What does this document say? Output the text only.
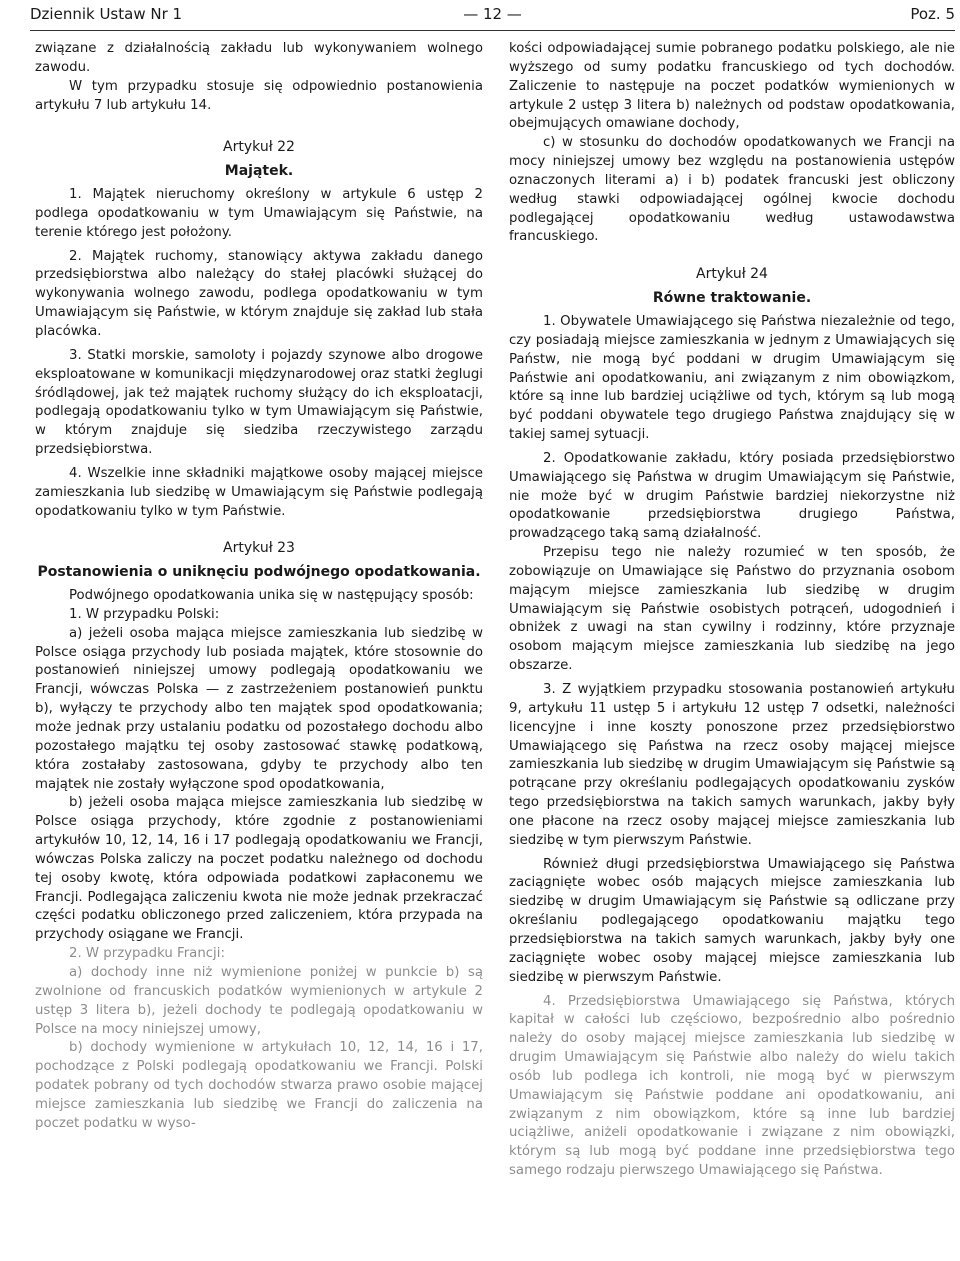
Dziennik Ustaw Nr 1	— 12 —	Poz. 5

związane z działalnością zakładu lub wykonywaniem wolnego zawodu.

W tym przypadku stosuje się odpowiednio postanowienia artykułu 7 lub artykułu 14.

Artykuł 22

Majątek.

1. Majątek nieruchomy określony w artykule 6 ustęp 2 podlega opodatkowaniu w tym Umawiającym się Państwie, na terenie którego jest położony.

2. Majątek ruchomy, stanowiący aktywa zakładu danego przedsiębiorstwa albo należący do stałej placówki służącej do wykonywania wolnego zawodu, podlega opodatkowaniu w tym Umawiającym się Państwie, w którym znajduje się zakład lub stała placówka.

3. Statki morskie, samoloty i pojazdy szynowe albo drogowe eksploatowane w komunikacji międzynarodowej oraz statki żeglugi śródlądowej, jak też majątek ruchomy służący do ich eksploatacji, podlegają opodatkowaniu tylko w tym Umawiającym się Państwie, w którym znajduje się siedziba rzeczywistego zarządu przedsiębiorstwa.

4. Wszelkie inne składniki majątkowe osoby mającej miejsce zamieszkania lub siedzibę w Umawiającym się Państwie podlegają opodatkowaniu tylko w tym Państwie.

Artykuł 23

Postanowienia o uniknęciu podwójnego opodatkowania.

Podwójnego opodatkowania unika się w następujący sposób:

1. W przypadku Polski:

a) jeżeli osoba mająca miejsce zamieszkania lub siedzibę w Polsce osiąga przychody lub posiada majątek, które stosownie do postanowień niniejszej umowy podlegają opodatkowaniu we Francji, wówczas Polska — z zastrzeżeniem postanowień punktu b), wyłączy te przychody albo ten majątek spod opodatkowania; może jednak przy ustalaniu podatku od pozostałego dochodu albo pozostałego majątku tej osoby zastosować stawkę podatkową, która zostałaby zastosowana, gdyby te przychody albo ten majątek nie zostały wyłączone spod opodatkowania,

b) jeżeli osoba mająca miejsce zamieszkania lub siedzibę w Polsce osiąga przychody, które zgodnie z postanowieniami artykułów 10, 12, 14, 16 i 17 podlegają opodatkowaniu we Francji, wówczas Polska zaliczy na poczet podatku należnego od dochodu tej osoby kwotę, która odpowiada podatkowi zapłaconemu we Francji. Podlegająca zaliczeniu kwota nie może jednak przekraczać części podatku obliczonego przed zaliczeniem, która przypada na przychody osiągane we Francji.

2. W przypadku Francji:

a) dochody inne niż wymienione poniżej w punkcie b) są zwolnione od francuskich podatków wymienionych w artykule 2 ustęp 3 litera b), jeżeli dochody te podlegają opodatkowaniu w Polsce na mocy niniejszej umowy,

b) dochody wymienione w artykułach 10, 12, 14, 16 i 17, pochodzące z Polski podlegają opodatkowaniu we Francji. Polski podatek pobrany od tych dochodów stwarza prawo osobie mającej miejsce zamieszkania lub siedzibę we Francji do zaliczenia na poczet podatku w wyso-

kości odpowiadającej sumie pobranego podatku polskiego, ale nie wyższego od sumy podatku francuskiego od tych dochodów. Zaliczenie to następuje na poczet podatków wymienionych w artykule 2 ustęp 3 litera b) należnych od podstaw opodatkowania, obejmujących omawiane dochody,

c) w stosunku do dochodów opodatkowanych we Francji na mocy niniejszej umowy bez względu na postanowienia ustępów oznaczonych literami a) i b) podatek francuski jest obliczony według stawki odpowiadającej ogólnej kwocie dochodu podlegającej opodatkowaniu według ustawodawstwa francuskiego.

Artykuł 24

Równe traktowanie.

1. Obywatele Umawiającego się Państwa niezależnie od tego, czy posiadają miejsce zamieszkania w jednym z Umawiających się Państw, nie mogą być poddani w drugim Umawiającym się Państwie ani opodatkowaniu, ani związanym z nim obowiązkom, które są inne lub bardziej uciążliwe od tych, którym są lub mogą być poddani obywatele tego drugiego Państwa znajdujący się w takiej samej sytuacji.

2. Opodatkowanie zakładu, który posiada przedsiębiorstwo Umawiającego się Państwa w drugim Umawiającym się Państwie, nie może być w drugim Państwie bardziej niekorzystne niż opodatkowanie przedsiębiorstwa drugiego Państwa, prowadzącego taką samą działalność.

Przepisu tego nie należy rozumieć w ten sposób, że zobowiązuje on Umawiające się Państwo do przyznania osobom mającym miejsce zamieszkania lub siedzibę w drugim Umawiającym się Państwie osobistych potrąceń, udogodnień i obniżek z uwagi na stan cywilny i rodzinny, które przyznaje osobom mającym miejsce zamieszkania lub siedzibę na jego obszarze.

3. Z wyjątkiem przypadku stosowania postanowień artykułu 9, artykułu 11 ustęp 5 i artykułu 12 ustęp 7 odsetki, należności licencyjne i inne koszty ponoszone przez przedsiębiorstwo Umawiającego się Państwa na rzecz osoby mającej miejsce zamieszkania lub siedzibę w drugim Umawiającym się Państwie są potrącane przy określaniu podlegających opodatkowaniu zysków tego przedsiębiorstwa na takich samych warunkach, jakby były one płacone na rzecz osoby mającej miejsce zamieszkania lub siedzibę w tym pierwszym Państwie.

Również długi przedsiębiorstwa Umawiającego się Państwa zaciągnięte wobec osób mających miejsce zamieszkania lub siedzibę w drugim Umawiającym się Państwie są odliczane przy określaniu podlegającego opodatkowaniu majątku tego przedsiębiorstwa na takich samych warunkach, jakby były one zaciągnięte wobec osoby mającej miejsce zamieszkania lub siedzibę w pierwszym Państwie.

4. Przedsiębiorstwa Umawiającego się Państwa, których kapitał w całości lub częściowo, bezpośrednio albo pośrednio należy do osoby mającej miejsce zamieszkania lub siedzibę w drugim Umawiającym się Państwie albo należy do wielu takich osób lub podlega ich kontroli, nie mogą być w pierwszym Umawiającym się Państwie poddane ani opodatkowaniu, ani związanym z nim obowiązkom, które są inne lub bardziej uciążliwe, aniżeli opodatkowanie i związane z nim obowiązki, którym są lub mogą być poddane inne przedsiębiorstwa tego samego rodzaju pierwszego Umawiającego się Państwa.
